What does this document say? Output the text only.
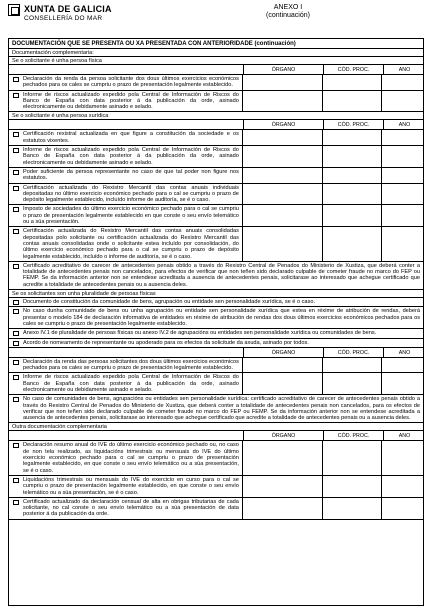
XUNTA DE GALICIA
CONSELLERÍA DO MAR
ANEXO I
(continuación)
DOCUMENTACIÓN QUE SE PRESENTA OU XA PRESENTADA CON ANTERIORIDADE (continuación)
Documentación complementaria:
Se o solicitante é unha persoa física
ÓRGANO	CÓD. PROC.	ANO
Declaración da renda da persoa solicitante dos dous últimos exercicios económicos pechados para os cales se cumpriu o prazo de presentación legalmente establecido.
Informe de riscos actualizado expedido pola Central de Información de Riscos do Banco de España con data posterior á da publicación da orde, asinado electronicamente ou debidamente asinado e selado.
Se o solicitante é unha persoa xurídica
ÓRGANO	CÓD. PROC.	ANO
Certificación rexistral actualizada en que figure a constitución da sociedade e os estatutos vixentes.
Informe de riscos actualizado expedido pola Central de Información de Riscos do Banco de España con data posterior á da publicación da orde, asinado electronicamente ou debidamente asinado e selado.
Poder suficiente da persoa representante no caso de que tal poder non figure nos estatutos.
Certificación actualizada do Rexistro Mercantil das contas anuais individuais depositadas no último exercicio económico pechado para o cal se cumpriu o prazo de depósito legalmente establecido, incluído informe de auditoría, se é o caso.
Imposto de sociedades do último exercicio económico pechado para o cal se cumpriu o prazo de presentación legalmente establecido en que conste o seu envío telemático ou a súa presentación.
Certificación actualizada do Rexistro Mercantil das contas anuais consolidadas depositadas polo solicitante ou certificación actualizada do Rexistro Mercantil das contas anuais consolidadas onde o solicitante estea incluído por consolidación, do último exercicio económico pechado para o cal se cumpriu o prazo de depósito legalmente establecido, incluído o informe de auditoría, se é o caso.
Certificado acreditativo de carecer de antecedentes penais obtido a través do Rexistro Central de Penados do Ministerio de Xustiza, que deberá conter a totalidade de antecedentes penais non cancelados, para efectos de verificar que non teñen sido declarado culpable de cometer fraude no marco do FEP ou FEMP. Se da información anterior non se entendese acreditada a ausencia de antecedentes penais, solicitarase ao interesado que achegue certificado que acredite a totalidade de antecedentes penais ou a ausencia deles.
Se os solicitantes son unha pluralidade de persoas físicas
Documento de constitución da comunidade de bens, agrupación ou entidade sen personalidade xurídica, se é o caso.
No caso dunha comunidade de bens ou unha agrupación ou entidade sen personalidade xurídica que estea en réxime de atribución de rendas, deberá presentar o modelo 184 de declaración informativa de entidades en réxime de atribución de rendas dos dous últimos exercicios económicos pechados para os cales se cumpriu o prazo de presentación legalmente establecido.
Anexo IV.1 de pluralidade de persoas físicas ou anexo IV.2 de agrupacións ou entidades sen personalidade xurídica ou comunidades de bens.
Acordo de nomeamento de representante ou apoderado para os efectos da solicitude da axuda, asinado por todos.
ÓRGANO	CÓD. PROC.	ANO
Declaración da renda das persoas solicitantes dos dous últimos exercicios económicos pechados para os cales se cumpriu o prazo de presentación legalmente establecido.
Informe de riscos actualizado expedido pola Central de Información de Riscos do Banco de España con data posterior á da publicación da orde, asinado electronicamente ou debidamente asinado e selado.
No caso de comunidades de bens, agrupacións ou entidades sen personalidade xurídica: certificado acreditativo de carecer de antecedentes penais obtido a través do Rexistro Central de Penados do Ministerio de Xustiza, que deberá conter a totalidade de antecedentes penais non cancelados, para os efectos de verificar que non teñen sido declarado culpable de cometer fraude no marco do FEP ou FEMP. Se da información anterior non se entendese acreditada a ausencia de antecedentes penais, solicitarase ao interesado que achegue certificado que acredite a totalidade de antecedentes penais ou a ausencia deles.
Outra documentación complementaria
ÓRGANO	CÓD. PROC.	ANO
Declaración resumo anual do IVE do último exercicio económico pechado ou, no caso de non tela realizado, as liquidacións trimestrais ou mensuais do IVE do último exercicio económico pechado para o cal se cumpriu o prazo de presentación legalmente establecido, en que conste o seu envío telemático ou a súa presentación, se é o caso.
Liquidacións trimestrais ou mensuais do IVE do exercicio en curso para o cal se cumpriu o prazo de presentación legalmente establecido, en que conste o seu envío telemático ou a súa presentación, se é o caso.
Certificado actualizado da declaración censual de alta en obrigas tributarias de cada solicitante, no cal conste o seu envío telemático ou a súa presentación de data posterior á da publicación da orde.
